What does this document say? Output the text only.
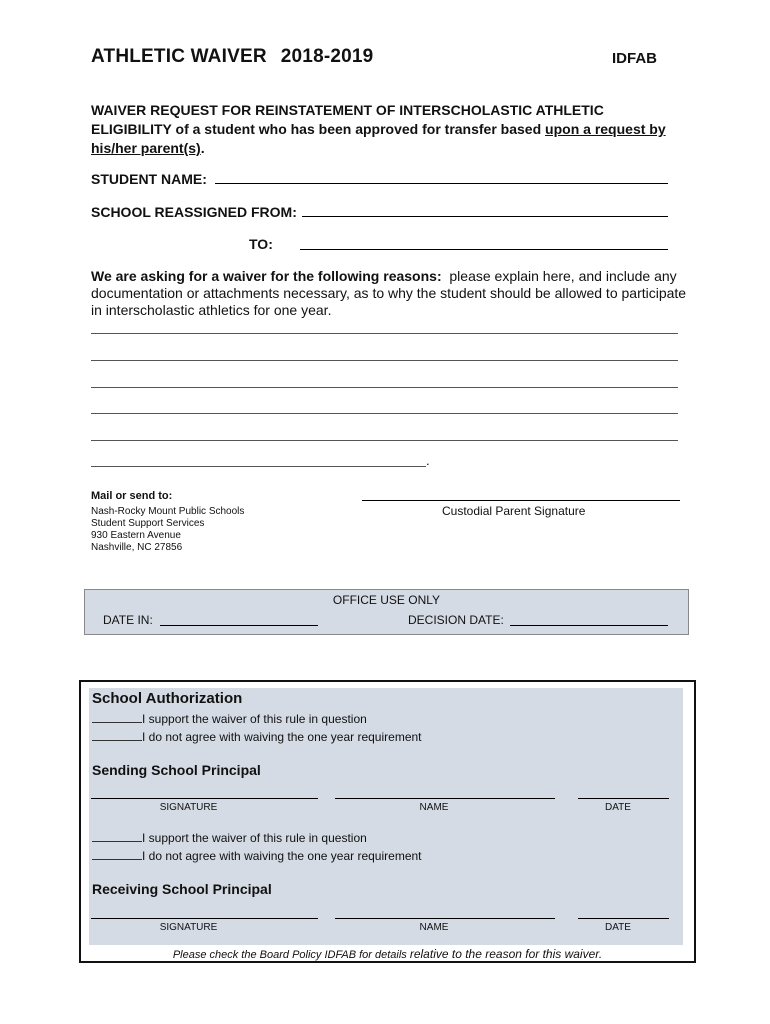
ATHLETIC WAIVER 2018-2019	IDFAB
WAIVER REQUEST FOR REINSTATEMENT OF INTERSCHOLASTIC ATHLETIC ELIGIBILITY of a student who has been approved for transfer based upon a request by his/her parent(s).
STUDENT NAME:
SCHOOL REASSIGNED FROM:
TO:
We are asking for a waiver for the following reasons: please explain here, and include any documentation or attachments necessary, as to why the student should be allowed to participate in interscholastic athletics for one year.
.
Mail or send to:
Nash-Rocky Mount Public Schools
Student Support Services
930 Eastern Avenue
Nashville, NC 27856
Custodial Parent Signature
OFFICE USE ONLY
DATE IN:	DECISION DATE:
School Authorization
I support the waiver of this rule in question
I do not agree with waiving the one year requirement
Sending School Principal
SIGNATURE	NAME	DATE
I support the waiver of this rule in question
I do not agree with waiving the one year requirement
Receiving School Principal
SIGNATURE	NAME	DATE
Please check the Board Policy IDFAB for details relative to the reason for this waiver.
